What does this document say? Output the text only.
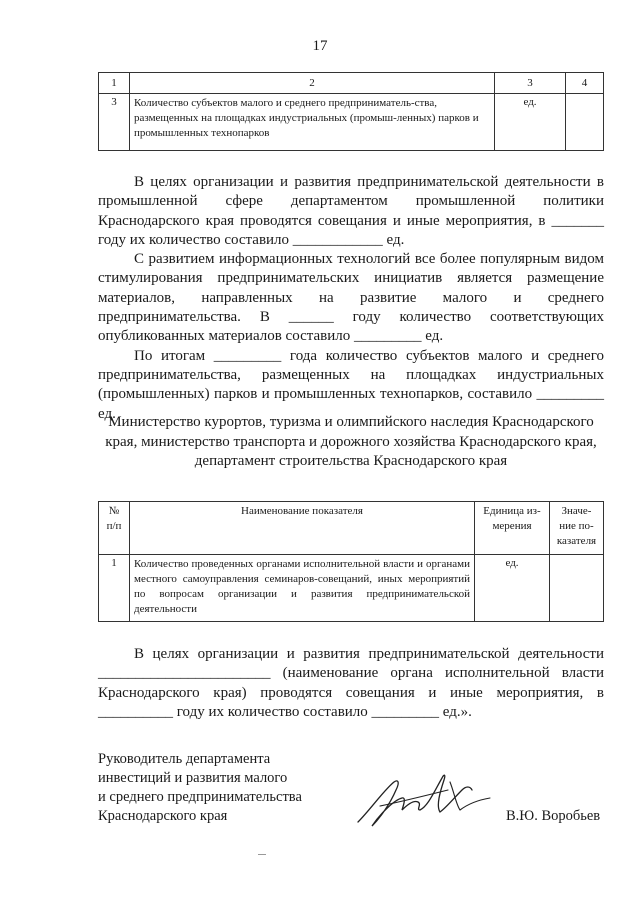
17
1	2	3	4
3	Количество субъектов малого и среднего предприниматель-ства, размещенных на площадках индустриальных (промыш-ленных) парков и промышленных технопарков	ед.	

В целях организации и развития предпринимательской деятельности в промышленной сфере департаментом промышленной политики Краснодарского края проводятся совещания и иные мероприятия, в _______ году их количество составило ____________ ед.

С развитием информационных технологий все более популярным видом стимулирования предпринимательских инициатив является размещение материалов, направленных на развитие малого и среднего предпринимательства. В ______ году количество соответствующих опубликованных материалов составило _________ ед.

По итогам _________ года количество субъектов малого и среднего предпринимательства, размещенных на площадках индустриальных (промышленных) парков и промышленных технопарков, составило _________ ед.

Министерство курортов, туризма и олимпийского наследия Краснодарского края, министерство транспорта и дорожного хозяйства Краснодарского края, департамент строительства Краснодарского края
№ п/п	Наименование показателя	Единица из-мерения	Значе-ние по-казателя
1	Количество проведенных органами исполнительной власти и органами местного самоуправления семинаров-совещаний, иных мероприятий по вопросам организации и развития предпринимательской деятельности	ед.	

В целях организации и развития предпринимательской деятельности _______________________ (наименование органа исполнительной власти Краснодарского края) проводятся совещания и иные мероприятия, в __________ году их количество составило _________ ед.».

Руководитель департамента
инвестиций и развития малого
и среднего предпринимательства
Краснодарского края	В.Ю. Воробьев
